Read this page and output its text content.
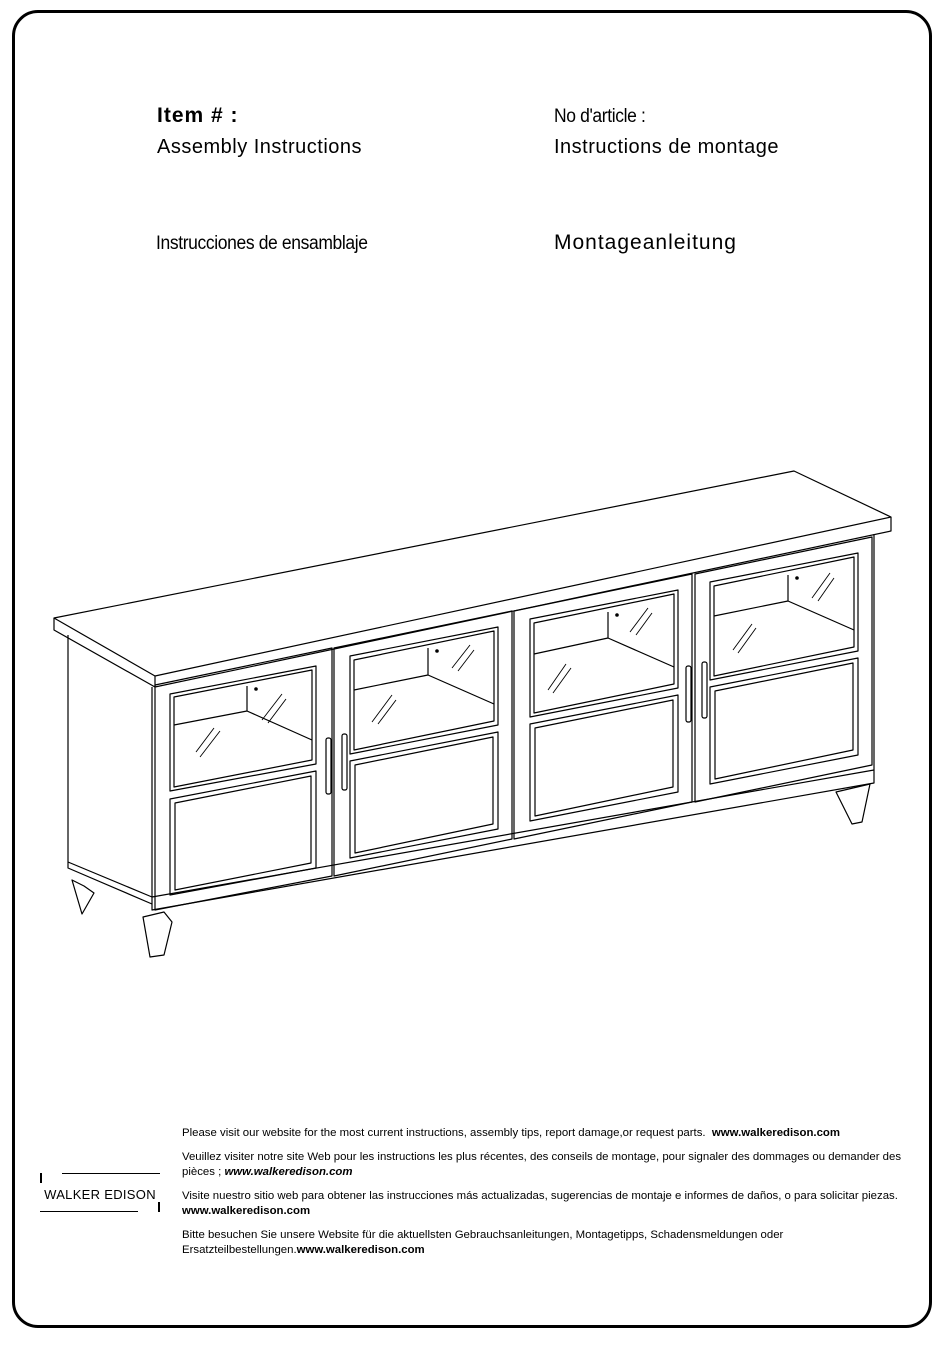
Item # :	No d'article :
Assembly Instructions	Instructions de montage
Instrucciones de ensamblaje	Montageanleitung
WALKER EDISON

Please visit our website for the most current instructions, assembly tips, report damage,or request parts. www.walkeredison.com

Veuillez visiter notre site Web pour les instructions les plus récentes, des conseils de montage, pour signaler des dommages ou demander des pièces ; www.walkeredison.com

Visite nuestro sitio web para obtener las instrucciones más actualizadas, sugerencias de montaje e informes de daños, o para solicitar piezas. www.walkeredison.com

Bitte besuchen Sie unsere Website für die aktuellsten Gebrauchsanleitungen, Montagetipps, Schadensmeldungen oder Ersatzteilbestellungen.www.walkeredison.com
